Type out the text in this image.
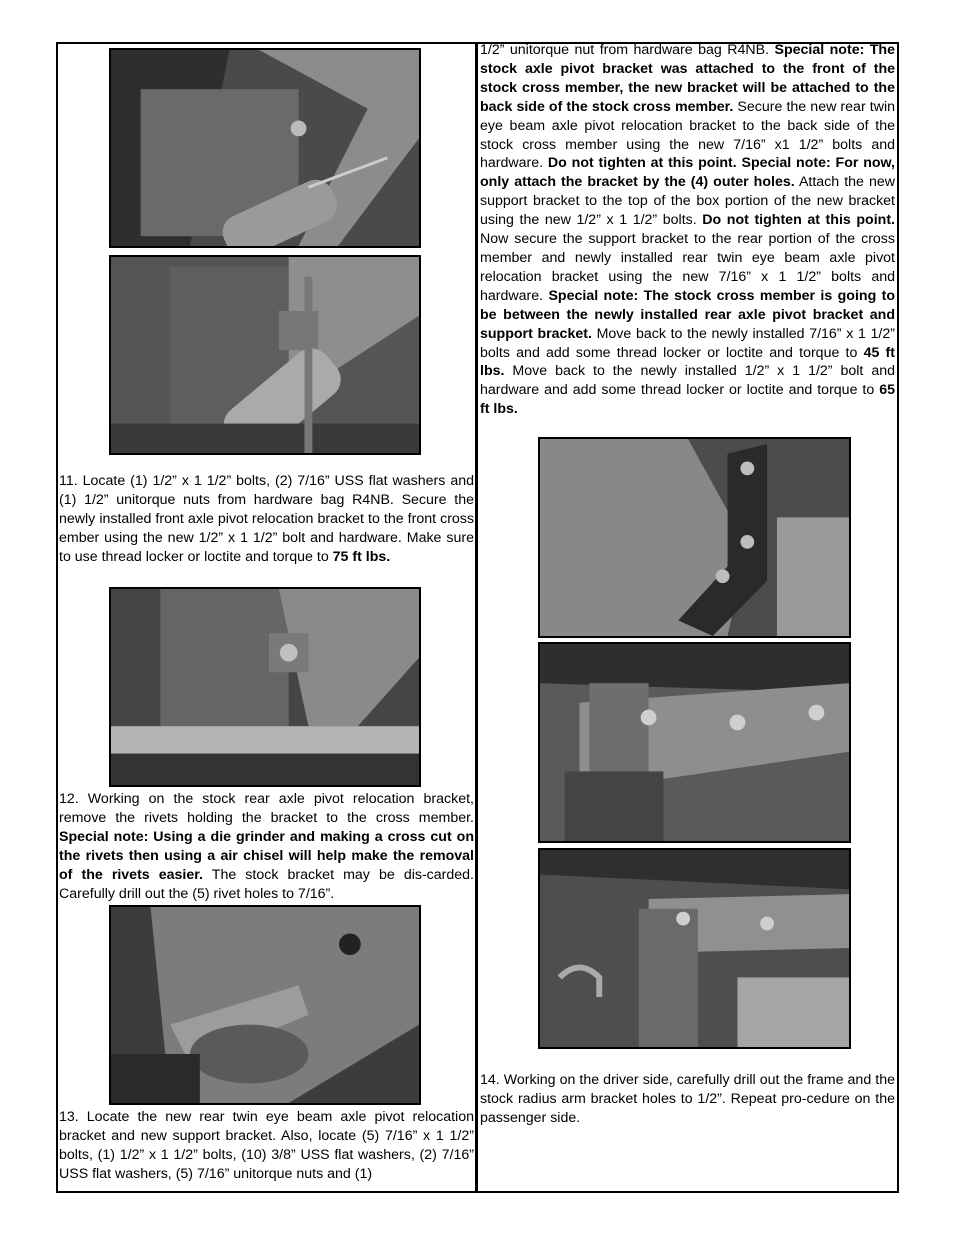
11. Locate (1) 1/2” x 1 1/2” bolts, (2) 7/16” USS flat washers and (1) 1/2” unitorque nuts from hardware bag R4NB. Secure the newly installed front axle pivot relocation bracket to the front cross ember using the new 1/2” x 1 1/2” bolt and hardware. Make sure to use thread locker or loctite and torque to 75 ft lbs.

12. Working on the stock rear axle pivot relocation bracket, remove the rivets holding the bracket to the cross member. Special note: Using a die grinder and making a cross cut on the rivets then using a air chisel will help make the removal of the rivets easier. The stock bracket may be dis-carded. Carefully drill out the (5) rivet holes to 7/16”.

13. Locate the new rear twin eye beam axle pivot relocation bracket and new support bracket. Also, locate (5) 7/16” x 1 1/2” bolts, (1) 1/2” x 1 1/2” bolts, (10) 3/8” USS flat washers, (2) 7/16” USS flat washers, (5) 7/16” unitorque nuts and (1)

1/2” unitorque nut from hardware bag R4NB. Special note: The stock axle pivot bracket was attached to the front of the stock cross member, the new bracket will be attached to the back side of the stock cross member. Secure the new rear twin eye beam axle pivot relocation bracket to the back side of the stock cross member using the new 7/16” x1 1/2” bolts and hardware. Do not tighten at this point. Special note: For now, only attach the bracket by the (4) outer holes. Attach the new support bracket to the top of the box portion of the new bracket using the new 1/2” x 1 1/2” bolts. Do not tighten at this point. Now secure the support bracket to the rear portion of the cross member and newly installed rear twin eye beam axle pivot relocation bracket using the new 7/16” x 1 1/2” bolts and hardware. Special note: The stock cross member is going to be between the newly installed rear axle pivot bracket and support bracket. Move back to the newly installed 7/16” x 1 1/2” bolts and add some thread locker or loctite and torque to 45 ft lbs. Move back to the newly installed 1/2” x 1 1/2” bolt and hardware and add some thread locker or loctite and torque to 65 ft lbs.

14. Working on the driver side, carefully drill out the frame and the stock radius arm bracket holes to 1/2”. Repeat pro-cedure on the passenger side.
